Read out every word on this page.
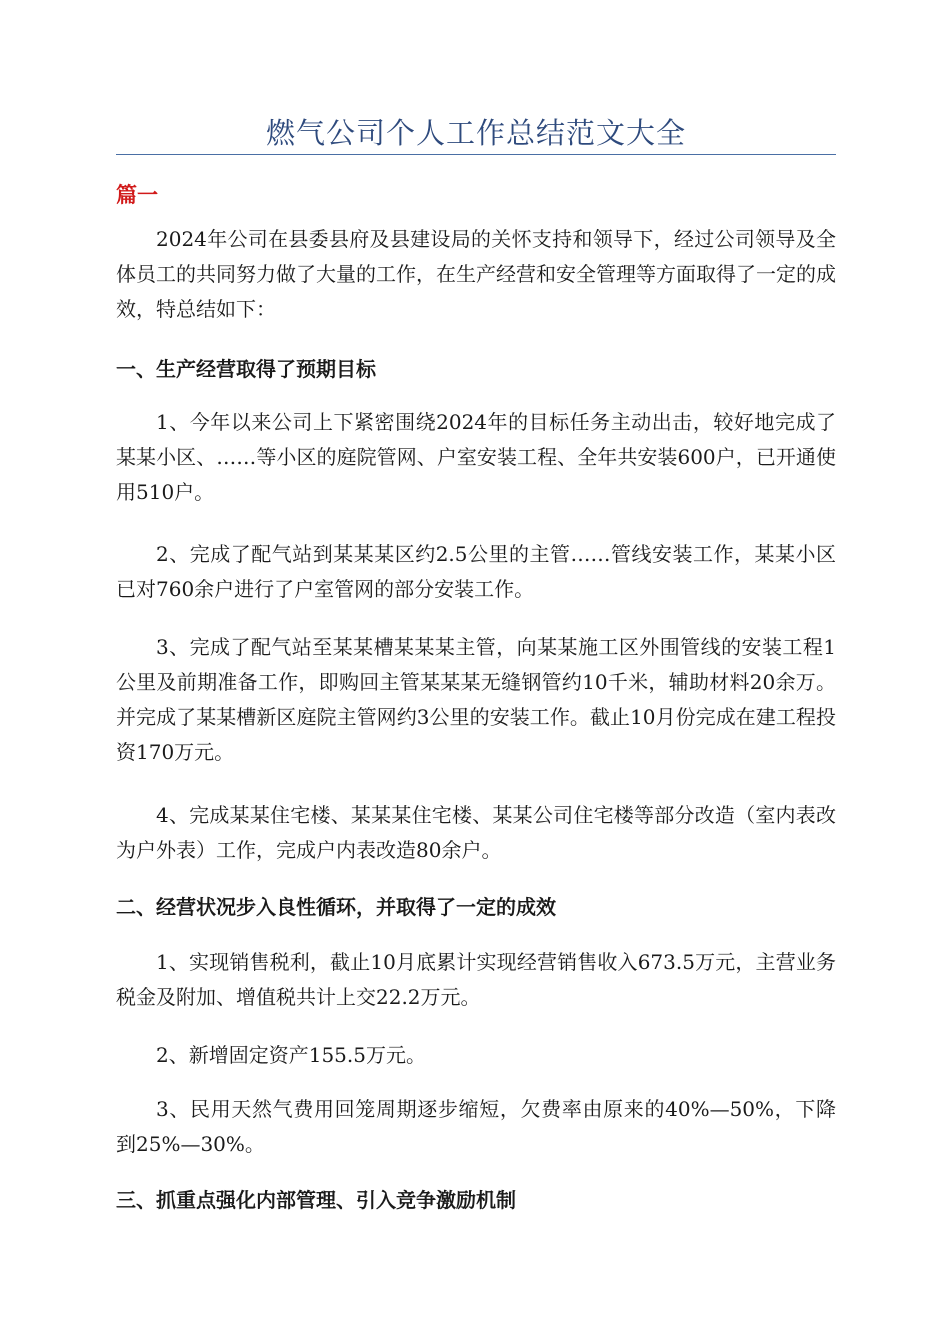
燃气公司个人工作总结范文大全
篇一

2024年公司在县委县府及县建设局的关怀支持和领导下，经过公司领导及全体员工的共同努力做了大量的工作，在生产经营和安全管理等方面取得了一定的成效，特总结如下：

一、生产经营取得了预期目标

1、今年以来公司上下紧密围绕2024年的目标任务主动出击，较好地完成了某某小区、……等小区的庭院管网、户室安装工程、全年共安装600户，已开通使用510户。

2、完成了配气站到某某某区约2.5公里的主管……管线安装工作，某某小区已对760余户进行了户室管网的部分安装工作。

3、完成了配气站至某某槽某某某主管，向某某施工区外围管线的安装工程1公里及前期准备工作，即购回主管某某某无缝钢管约10千米，辅助材料20余万。并完成了某某槽新区庭院主管网约3公里的安装工作。截止10月份完成在建工程投资170万元。

4、完成某某住宅楼、某某某住宅楼、某某公司住宅楼等部分改造（室内表改为户外表）工作，完成户内表改造80余户。

二、经营状况步入良性循环，并取得了一定的成效

1、实现销售税利，截止10月底累计实现经营销售收入673.5万元，主营业务税金及附加、增值税共计上交22.2万元。

2、新增固定资产155.5万元。

3、民用天然气费用回笼周期逐步缩短，欠费率由原来的40%—50%，下降到25%—30%。

三、抓重点强化内部管理、引入竞争激励机制
